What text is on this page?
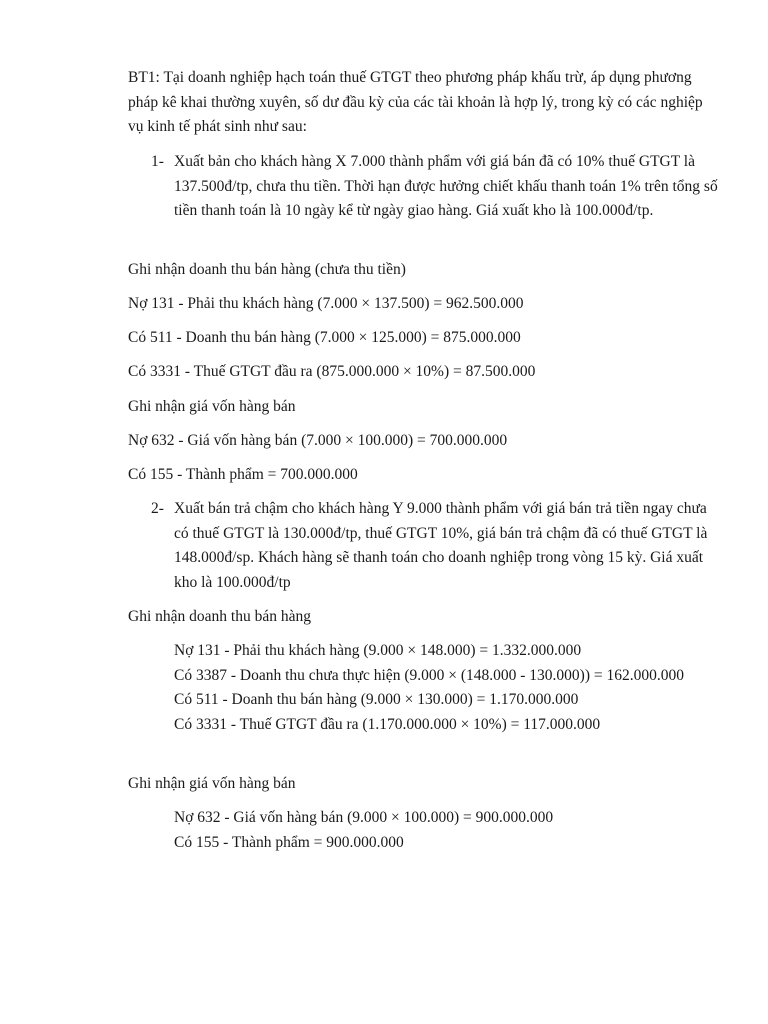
BT1: Tại doanh nghiệp hạch toán thuế GTGT theo phương pháp khấu trừ, áp dụng phương pháp kê khai thường xuyên, số dư đầu kỳ của các tài khoản là hợp lý, trong kỳ có các nghiệp vụ kinh tế phát sinh như sau:

1- Xuất bản cho khách hàng X 7.000 thành phẩm với giá bán đã có 10% thuế GTGT là 137.500đ/tp, chưa thu tiền. Thời hạn được hưởng chiết khấu thanh toán 1% trên tổng số tiền thanh toán là 10 ngày kể từ ngày giao hàng. Giá xuất kho là 100.000đ/tp.

Ghi nhận doanh thu bán hàng (chưa thu tiền)

Nợ 131 - Phải thu khách hàng (7.000 × 137.500) = 962.500.000

Có 511 - Doanh thu bán hàng (7.000 × 125.000) = 875.000.000

Có 3331 - Thuế GTGT đầu ra (875.000.000 × 10%) = 87.500.000

Ghi nhận giá vốn hàng bán

Nợ 632 - Giá vốn hàng bán (7.000 × 100.000) = 700.000.000

Có 155 - Thành phẩm = 700.000.000

2- Xuất bán trả chậm cho khách hàng Y 9.000 thành phẩm với giá bán trả tiền ngay chưa có thuế GTGT là 130.000đ/tp, thuế GTGT 10%, giá bán trả chậm đã có thuế GTGT là 148.000đ/sp. Khách hàng sẽ thanh toán cho doanh nghiệp trong vòng 15 kỳ. Giá xuất kho là 100.000đ/tp

Ghi nhận doanh thu bán hàng

Nợ 131 - Phải thu khách hàng (9.000 × 148.000) = 1.332.000.000
Có 3387 - Doanh thu chưa thực hiện (9.000 × (148.000 - 130.000)) = 162.000.000
Có 511 - Doanh thu bán hàng (9.000 × 130.000) = 1.170.000.000
Có 3331 - Thuế GTGT đầu ra (1.170.000.000 × 10%) = 117.000.000

Ghi nhận giá vốn hàng bán

Nợ 632 - Giá vốn hàng bán (9.000 × 100.000) = 900.000.000
Có 155 - Thành phẩm = 900.000.000
